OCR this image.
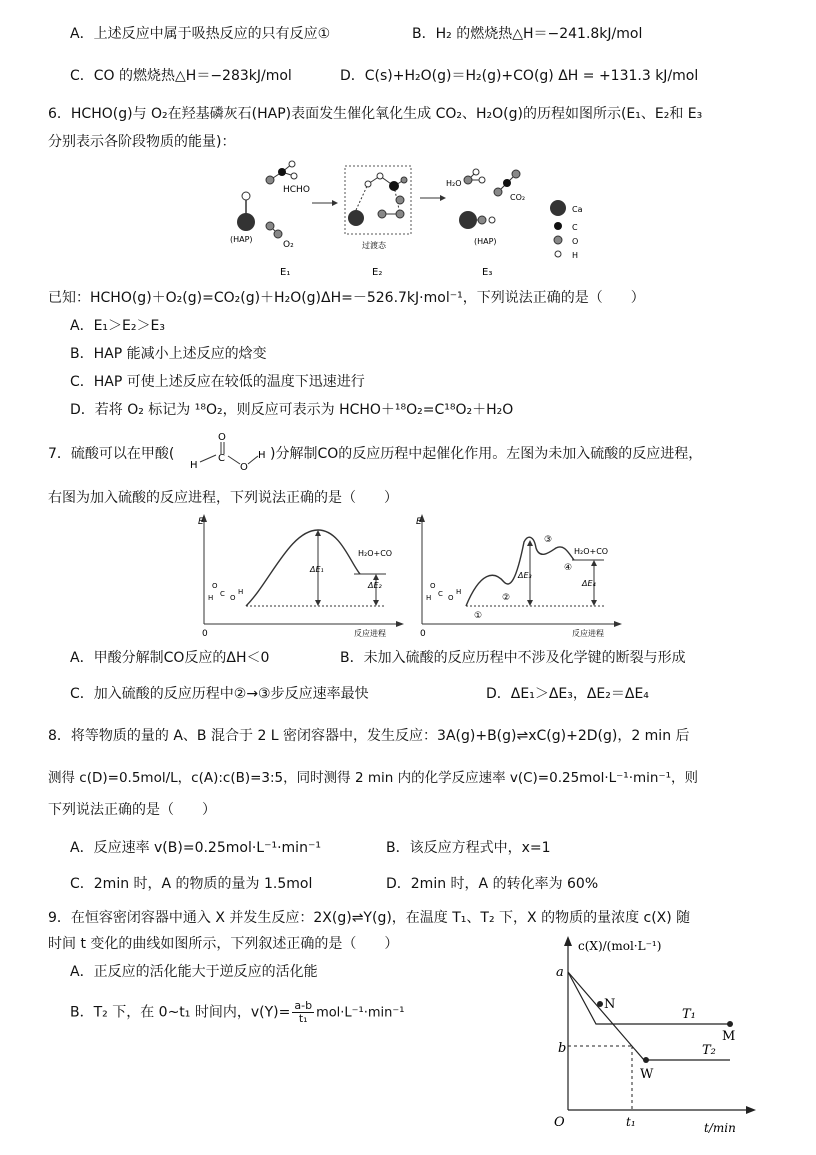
A．上述反应中属于吸热反应的只有反应①	B．H₂ 的燃烧热△H＝−241.8kJ/mol
C．CO 的燃烧热△H＝−283kJ/mol	D．C(s)+H₂O(g)＝H₂(g)+CO(g) ΔH = +131.3 kJ/mol
6．HCHO(g)与 O₂在羟基磷灰石(HAP)表面发生催化氧化生成 CO₂、H₂O(g)的历程如图所示(E₁、E₂和 E₃
分别表示各阶段物质的能量)：
HCHO
O₂
(HAP)
E₁
过渡态
E₂
H₂O
CO₂
(HAP)
E₃
Ca
C
O
H
已知：HCHO(g)＋O₂(g)=CO₂(g)＋H₂O(g)ΔH=－526.7kJ·mol⁻¹，下列说法正确的是（　　）
A．E₁＞E₂＞E₃
B．HAP 能减小上述反应的焓变
C．HAP 可使上述反应在较低的温度下迅速进行
D．若将 O₂ 标记为 ¹⁸O₂，则反应可表示为 HCHO＋¹⁸O₂=C¹⁸O₂＋H₂O
7．硫酸可以在甲酸(
O
H
C
O
H )分解制CO的反应历程中起催化作用。左图为未加入硫酸的反应进程，
右图为加入硫酸的反应进程，下列说法正确的是（　　）
E
0	反应进程
ΔE₁
ΔE₂
H₂O+CO
O
H C O
H
E
0	反应进程
ΔE₃
ΔE₄
H₂O+CO
①
②
③
④
O
H C O
H
A．甲酸分解制CO反应的ΔH＜0	B．未加入硫酸的反应历程中不涉及化学键的断裂与形成
C．加入硫酸的反应历程中②→③步反应速率最快	D．ΔE₁＞ΔE₃，ΔE₂＝ΔE₄
8．将等物质的量的 A、B 混合于 2 L 密闭容器中，发生反应：3A(g)+B(g)⇌xC(g)+2D(g)，2 min 后
测得 c(D)=0.5mol/L，c(A):c(B)=3:5，同时测得 2 min 内的化学反应速率 v(C)=0.25mol·L⁻¹·min⁻¹，则
下列说法正确的是（　　）
A．反应速率 v(B)=0.25mol·L⁻¹·min⁻¹	B．该反应方程式中，x=1
C．2min 时，A 的物质的量为 1.5mol	D．2min 时，A 的转化率为 60%
9．在恒容密闭容器中通入 X 并发生反应：2X(g)⇌Y(g)，在温度 T₁、T₂ 下，X 的物质的量浓度 c(X) 随
时间 t 变化的曲线如图所示，下列叙述正确的是（　　）
A．正反应的活化能大于逆反应的活化能
B．T₂ 下，在 0~t₁ 时间内，$v(Y)= \frac{a-b}{\text{t₁}} mol\cdot L^{-1}\cdot\min^{-1}$
c(X)/(mol·L⁻¹)
t/min
O
a
b
t₁
N
M
W
T₁
T₂
